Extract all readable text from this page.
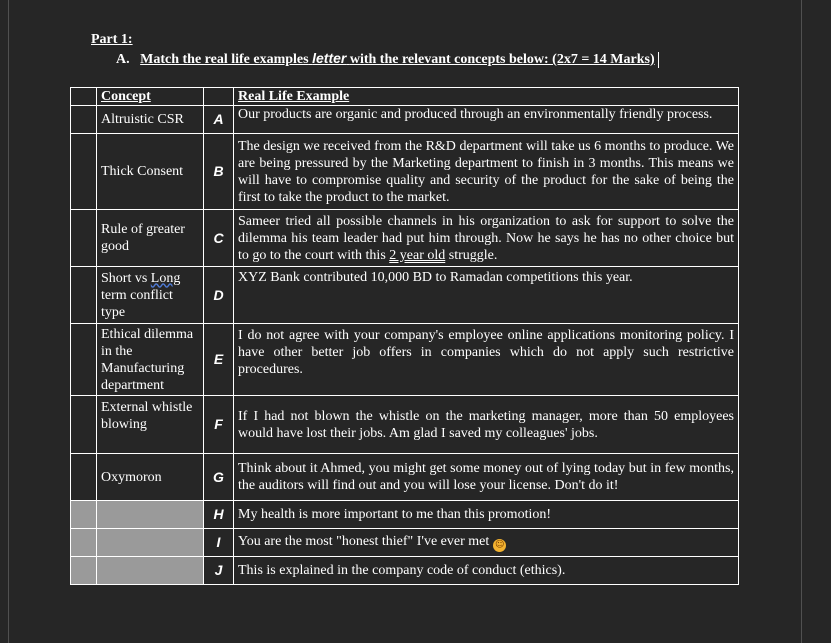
Part 1:
A. Match the real life examples letter with the relevant concepts below: (2x7 = 14 Marks)
	Concept		Real Life Example
	Altruistic CSR	A	Our products are organic and produced through an environmentally friendly process.
	Thick Consent	B	The design we received from the R&D department will take us 6 months to produce. We are being pressured by the Marketing department to finish in 3 months. This means we will have to compromise quality and security of the product for the sake of being the first to take the product to the market.
	Rule of greater good	C	Sameer tried all possible channels in his organization to ask for support to solve the dilemma his team leader had put him through. Now he says he has no other choice but to go to the court with this 2 year old struggle.
	Short vs Long term conflict type	D	XYZ Bank contributed 10,000 BD to Ramadan competitions this year.
	Ethical dilemma in the Manufacturing department	E	I do not agree with your company's employee online applications monitoring policy. I have other better job offers in companies which do not apply such restrictive procedures.
	External whistle blowing	F	If I had not blown the whistle on the marketing manager, more than 50 employees would have lost their jobs. Am glad I saved my colleagues' jobs.
	Oxymoron	G	Think about it Ahmed, you might get some money out of lying today but in few months, the auditors will find out and you will lose your license. Don't do it!
		H	My health is more important to me than this promotion!
		I	You are the most "honest thief" I've ever met ☺
		J	This is explained in the company code of conduct (ethics).
